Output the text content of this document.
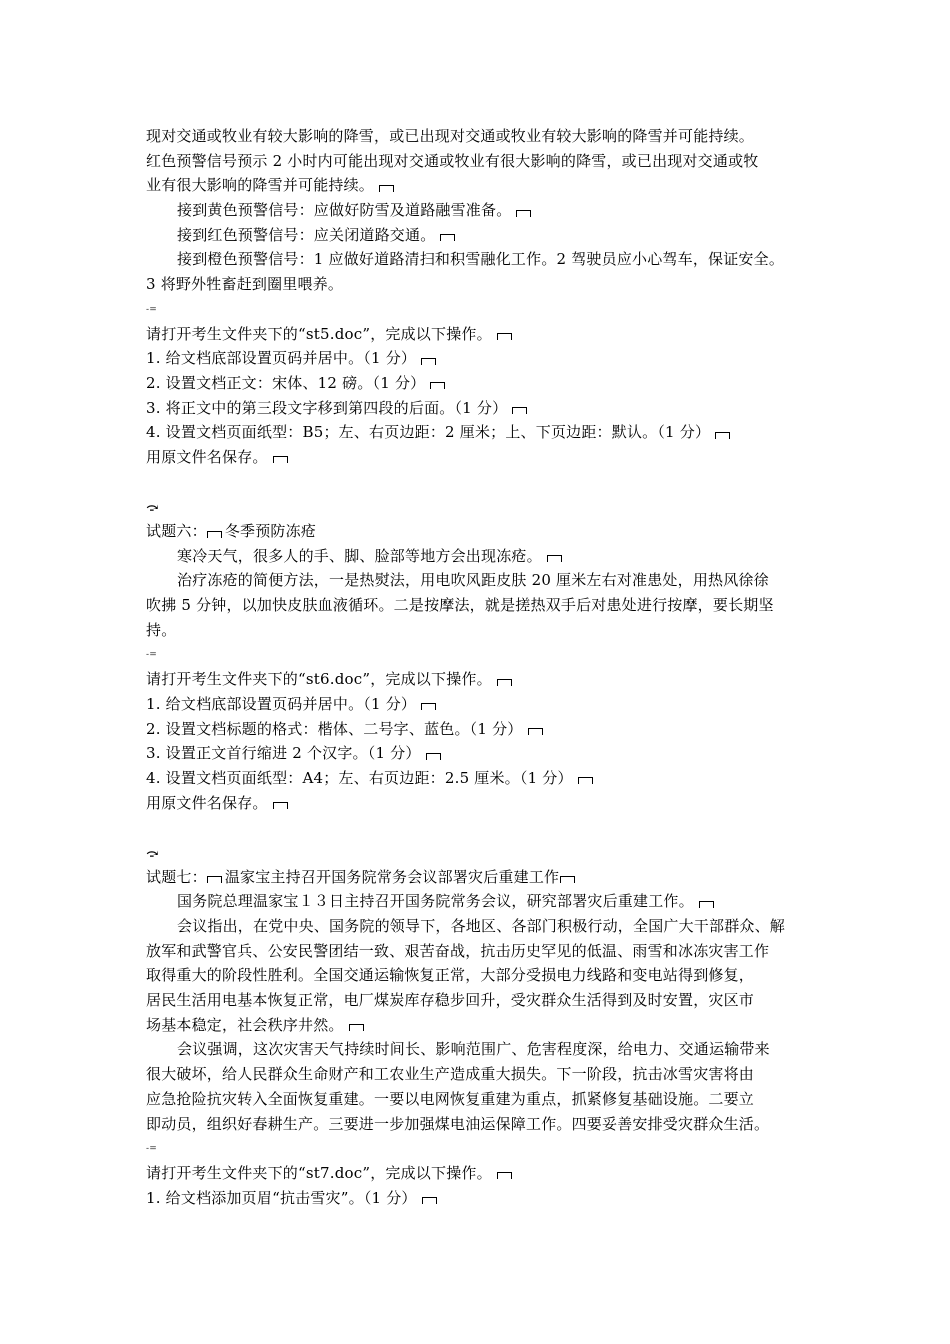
现对交通或牧业有较大影响的降雪，或已出现对交通或牧业有较大影响的降雪并可能持续。
红色预警信号预示 2 小时内可能出现对交通或牧业有很大影响的降雪，或已出现对交通或牧
业有很大影响的降雪并可能持续。
接到黄色预警信号：应做好防雪及道路融雪准备。
接到红色预警信号：应关闭道路交通。
接到橙色预警信号：1 应做好道路清扫和积雪融化工作。2 驾驶员应小心驾车，保证安全。
3 将野外牲畜赶到圈里喂养。
-=
请打开考生文件夹下的“st5.doc”，完成以下操作。
1. 给文档底部设置页码并居中。（1 分）
2. 设置文档正文：宋体、12 磅。（1 分）
3. 将正文中的第三段文字移到第四段的后面。（1 分）
4. 设置文档页面纸型：B5；左、右页边距：2 厘米；上、下页边距：默认。（1 分）
用原文件名保存。
⤼
试题六： 冬季预防冻疮
寒冷天气，很多人的手、脚、脸部等地方会出现冻疮。
治疗冻疮的简便方法，一是热熨法，用电吹风距皮肤 20 厘米左右对准患处，用热风徐徐
吹拂 5 分钟，以加快皮肤血液循环。二是按摩法，就是搓热双手后对患处进行按摩，要长期坚
持。
-=
请打开考生文件夹下的“st6.doc”，完成以下操作。
1. 给文档底部设置页码并居中。（1 分）
2. 设置文档标题的格式：楷体、二号字、蓝色。（1 分）
3. 设置正文首行缩进 2 个汉字。（1 分）
4. 设置文档页面纸型：A4；左、右页边距：2.5 厘米。（1 分）
用原文件名保存。
⤼
试题七： 温家宝主持召开国务院常务会议部署灾后重建工作
国务院总理温家宝１３日主持召开国务院常务会议，研究部署灾后重建工作。
会议指出，在党中央、国务院的领导下，各地区、各部门积极行动，全国广大干部群众、解
放军和武警官兵、公安民警团结一致、艰苦奋战，抗击历史罕见的低温、雨雪和冰冻灾害工作
取得重大的阶段性胜利。全国交通运输恢复正常，大部分受损电力线路和变电站得到修复，
居民生活用电基本恢复正常，电厂煤炭库存稳步回升，受灾群众生活得到及时安置，灾区市
场基本稳定，社会秩序井然。
会议强调，这次灾害天气持续时间长、影响范围广、危害程度深，给电力、交通运输带来
很大破坏，给人民群众生命财产和工农业生产造成重大损失。下一阶段，抗击冰雪灾害将由
应急抢险抗灾转入全面恢复重建。一要以电网恢复重建为重点，抓紧修复基础设施。二要立
即动员，组织好春耕生产。三要进一步加强煤电油运保障工作。四要妥善安排受灾群众生活。
-=
请打开考生文件夹下的“st7.doc”，完成以下操作。
1. 给文档添加页眉“抗击雪灾”。（1 分）
